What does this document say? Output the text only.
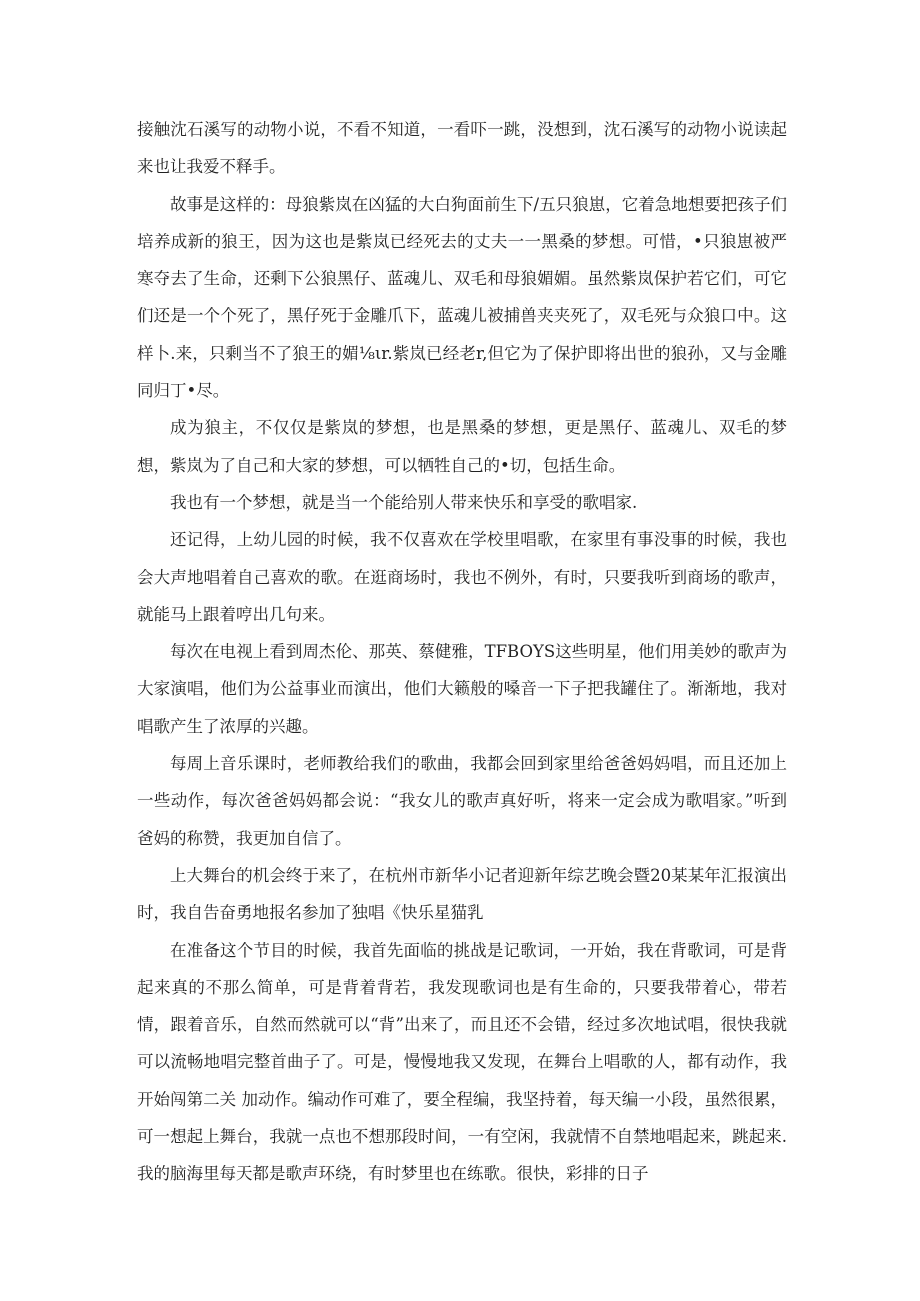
接触沈石溪写的动物小说，不看不知道，一看吓一跳，没想到，沈石溪写的动物小说读起来也让我爱不释手。

故事是这样的：母狼紫岚在凶猛的大白狗面前生下/五只狼崽，它着急地想要把孩子们培养成新的狼王，因为这也是紫岚已经死去的丈夫一一黑桑的梦想。可惜，•只狼崽被严寒夺去了生命，还剩下公狼黑仔、蓝魂儿、双毛和母狼媚媚。虽然紫岚保护若它们，可它们还是一个个死了，黑仔死于金雕爪下，蓝魂儿被捕兽夹夹死了，双毛死与众狼口中。这样卜.来，只剩当不了狼王的媚⅛ιr.紫岚已经老r,但它为了保护即将出世的狼孙，又与金雕同归丁•尽。

成为狼主，不仅仅是紫岚的梦想，也是黑桑的梦想，更是黑仔、蓝魂儿、双毛的梦想，紫岚为了自己和大家的梦想，可以牺牲自己的•切，包括生命。

我也有一个梦想，就是当一个能给别人带来快乐和享受的歌唱家.

还记得，上幼儿园的时候，我不仅喜欢在学校里唱歌，在家里有事没事的时候，我也会大声地唱着自己喜欢的歌。在逛商场时，我也不例外，有时，只要我听到商场的歌声，就能马上跟着哼出几句来。

每次在电视上看到周杰伦、那英、蔡健雅，TFBOYS这些明星，他们用美妙的歌声为大家演唱，他们为公益事业而演出，他们大籁般的嗓音一下子把我罐住了。渐渐地，我对唱歌产生了浓厚的兴趣。

每周上音乐课时，老师教给我们的歌曲，我都会回到家里给爸爸妈妈唱，而且还加上一些动作，每次爸爸妈妈都会说：“我女儿的歌声真好听，将来一定会成为歌唱家。”听到爸妈的称赞，我更加自信了。

上大舞台的机会终于来了，在杭州市新华小记者迎新年综艺晚会暨20某某年汇报演出时，我自告奋勇地报名参加了独唱《快乐星猫乳

在准备这个节目的时候，我首先面临的挑战是记歌词，一开始，我在背歌词，可是背起来真的不那么简单，可是背着背若，我发现歌词也是有生命的，只要我带着心，带若情，跟着音乐，自然而然就可以“背”出来了，而且还不会错，经过多次地试唱，很快我就可以流畅地唱完整首曲子了。可是，慢慢地我又发现，在舞台上唱歌的人，都有动作，我开始闯第二关 加动作。编动作可难了，要全程编，我坚持着，每天编一小段，虽然很累，可一想起上舞台，我就一点也不想那段时间，一有空闲，我就情不自禁地唱起来，跳起来.我的脑海里每天都是歌声环绕，有时梦里也在练歌。很快，彩排的日子
